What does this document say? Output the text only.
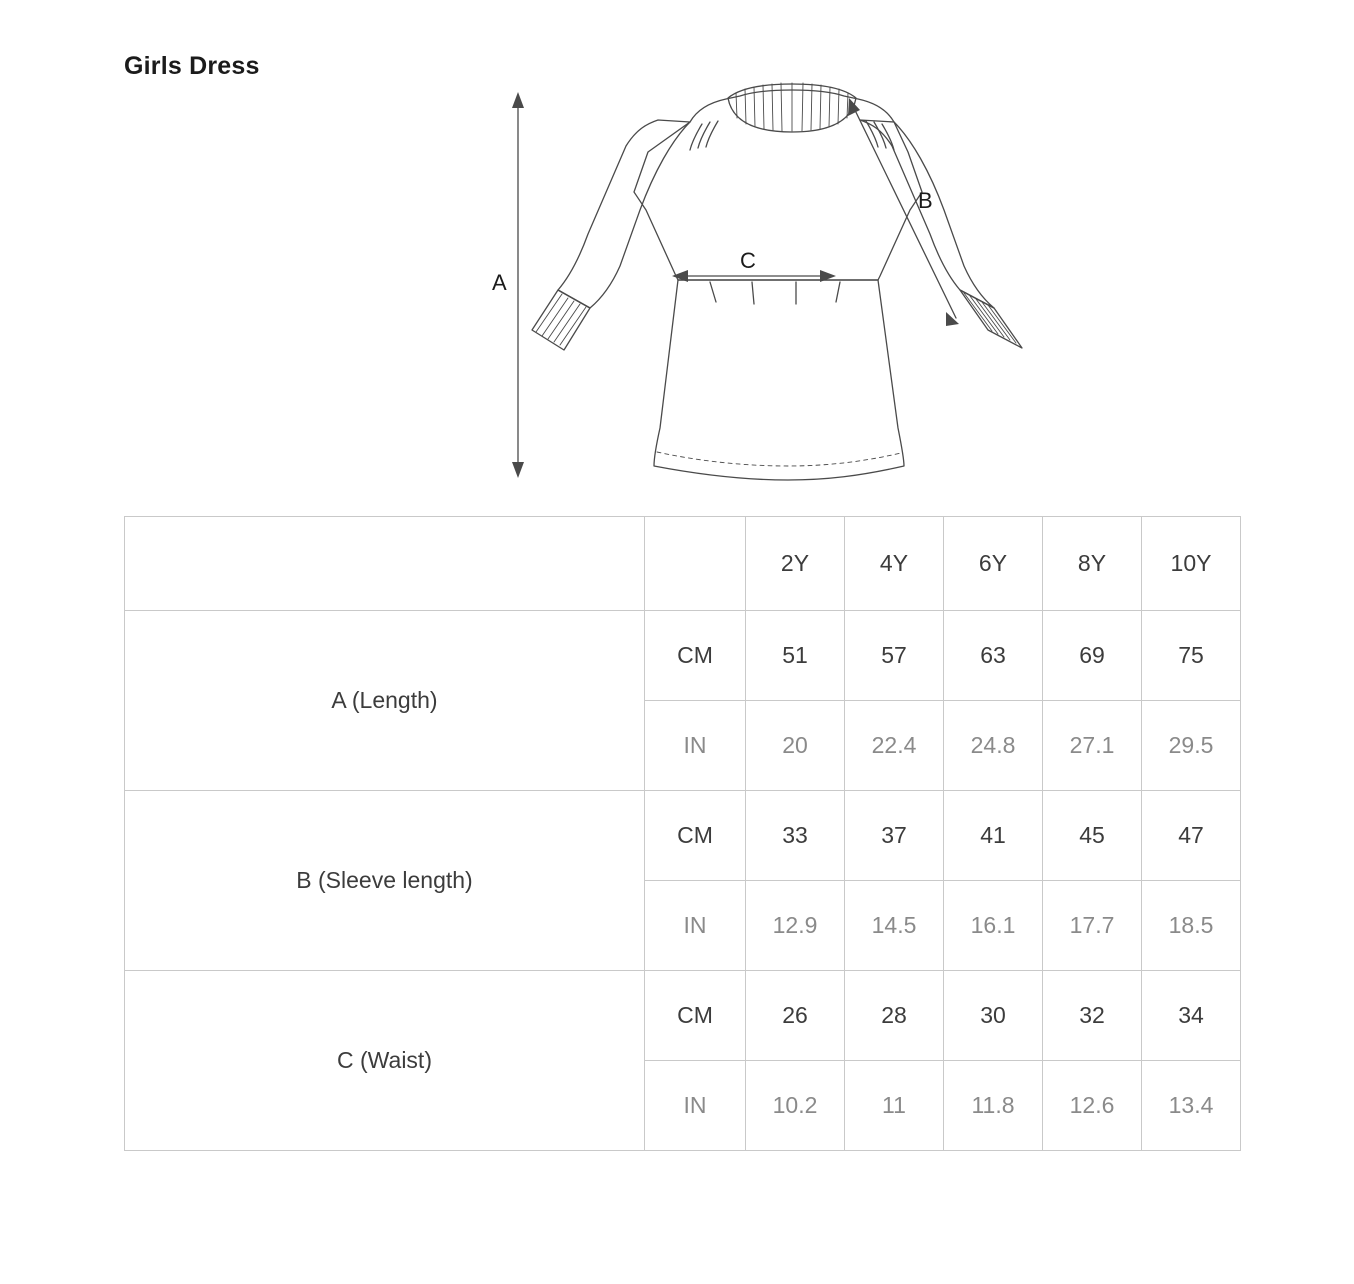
Girls Dress
A
B
C
		2Y	4Y	6Y	8Y	10Y
A (Length)	CM	51	57	63	69	75
	IN	20	22.4	24.8	27.1	29.5
B (Sleeve length)	CM	33	37	41	45	47
	IN	12.9	14.5	16.1	17.7	18.5
C (Waist)	CM	26	28	30	32	34
	IN	10.2	11	11.8	12.6	13.4
